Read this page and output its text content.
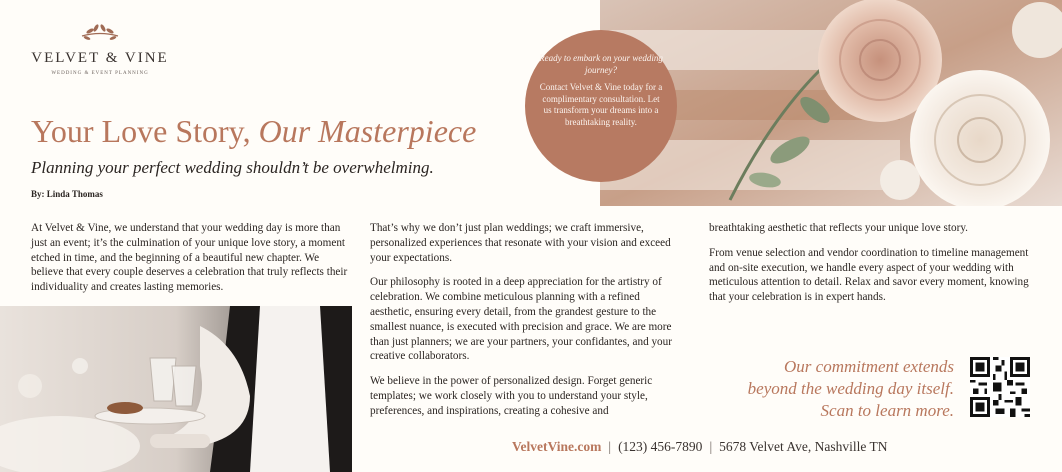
VELVET & VINE
WEDDING & EVENT PLANNING
Ready to embark on your wedding journey?
Contact Velvet & Vine today for a complimentary consultation. Let us transform your dreams into a breathtaking reality.
Your Love Story, Our Masterpiece
Planning your perfect wedding shouldn’t be overwhelming.
By: Linda Thomas

At Velvet & Vine, we understand that your wedding day is more than just an event; it’s the culmination of your unique love story, a moment etched in time, and the beginning of a beautiful new chapter. We believe that every couple deserves a celebration that truly reflects their individuality and creates lasting memories.

That’s why we don’t just plan weddings; we craft immersive, personalized experiences that resonate with your vision and exceed your expectations.

Our philosophy is rooted in a deep appreciation for the artistry of celebration. We combine meticulous planning with a refined aesthetic, ensuring every detail, from the grandest gesture to the smallest nuance, is executed with precision and grace. We are more than just planners; we are your partners, your confidantes, and your creative collaborators.

We believe in the power of personalized design. Forget generic templates; we work closely with you to understand your style, preferences, and inspirations, creating a cohesive and

breathtaking aesthetic that reflects your unique love story.

From venue selection and vendor coordination to timeline management and on-site execution, we handle every aspect of your wedding with meticulous attention to detail. Relax and savor every moment, knowing that your celebration is in expert hands.

Our commitment extends
beyond the wedding day itself.
Scan to learn more.
VelvetVine.com | (123) 456-7890 | 5678 Velvet Ave, Nashville TN
